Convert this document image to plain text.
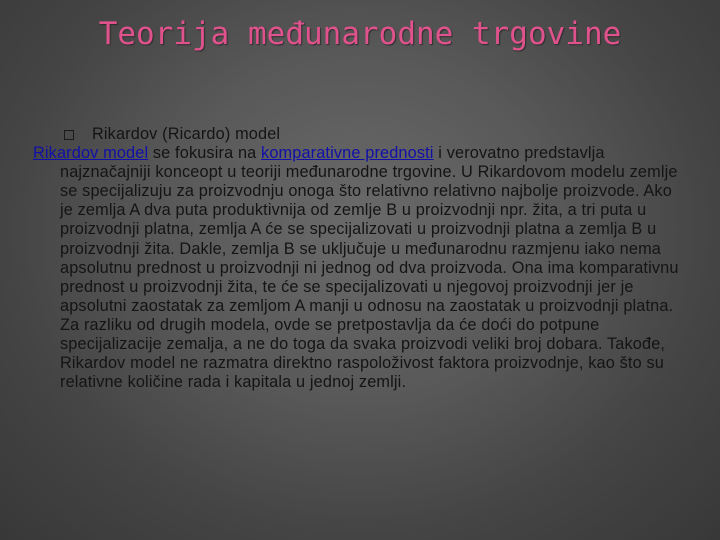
Teorija međunarodne trgovine
Rikardov (Ricardo) model
Rikardov model se fokusira na komparativne prednosti i verovatno predstavlja najznačajniji konceopt u teoriji međunarodne trgovine. U Rikardovom modelu zemlje se specijalizuju za proizvodnju onoga što relativno relativno najbolje proizvode. Ako je zemlja A dva puta produktivnija od zemlje B u proizvodnji npr. žita, a tri puta u proizvodnji platna, zemlja A će se specijalizovati u proizvodnji platna a zemlja B u proizvodnji žita. Dakle, zemlja B se uključuje u međunarodnu razmjenu iako nema apsolutnu prednost u proizvodnji ni jednog od dva proizvoda. Ona ima komparativnu prednost u proizvodnji žita, te će se specijalizovati u njegovoj proizvodnji jer je apsolutni zaostatak za zemljom A manji u odnosu na zaostatak u proizvodnji platna. Za razliku od drugih modela, ovde se pretpostavlja da će doći do potpune specijalizacije zemalja, a ne do toga da svaka proizvodi veliki broj dobara. Takođe, Rikardov model ne razmatra direktno raspoloživost faktora proizvodnje, kao što su relativne količine rada i kapitala u jednoj zemlji.
